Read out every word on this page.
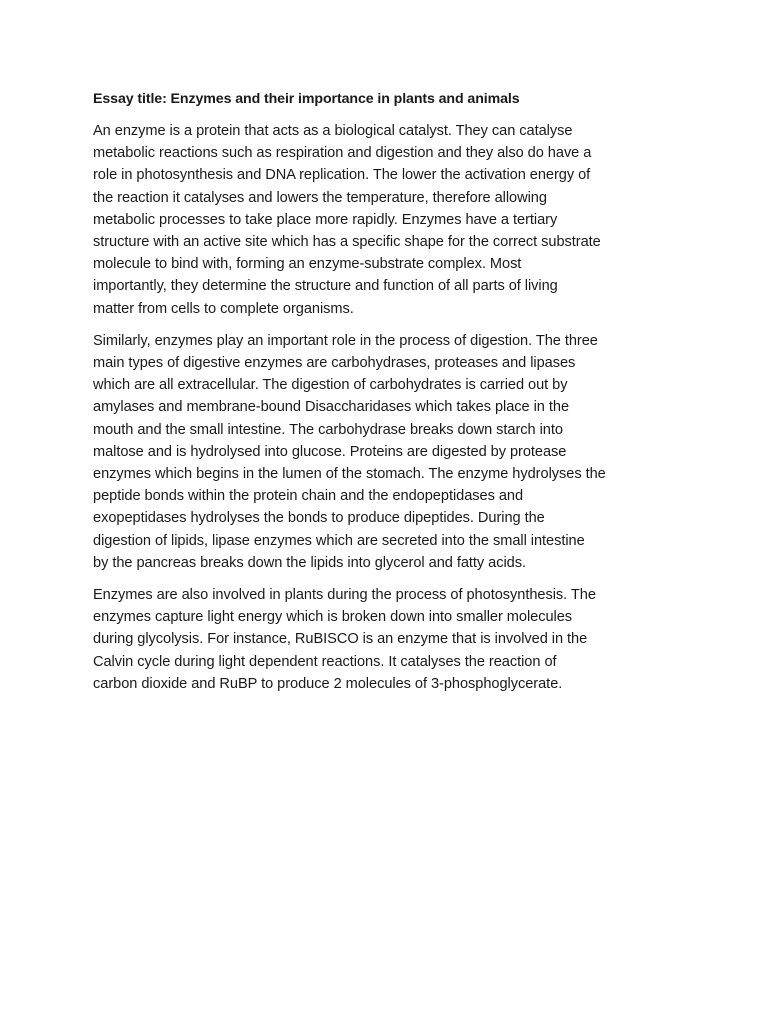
Essay title: Enzymes and their importance in plants and animals
An enzyme is a protein that acts as a biological catalyst. They can catalyse
metabolic reactions such as respiration and digestion and they also do have a
role in photosynthesis and DNA replication. The lower the activation energy of
the reaction it catalyses and lowers the temperature, therefore allowing
metabolic processes to take place more rapidly. Enzymes have a tertiary
structure with an active site which has a specific shape for the correct substrate
molecule to bind with, forming an enzyme-substrate complex. Most
importantly, they determine the structure and function of all parts of living
matter from cells to complete organisms.
Similarly, enzymes play an important role in the process of digestion. The three
main types of digestive enzymes are carbohydrases, proteases and lipases
which are all extracellular. The digestion of carbohydrates is carried out by
amylases and membrane-bound Disaccharidases which takes place in the
mouth and the small intestine. The carbohydrase breaks down starch into
maltose and is hydrolysed into glucose. Proteins are digested by protease
enzymes which begins in the lumen of the stomach. The enzyme hydrolyses the
peptide bonds within the protein chain and the endopeptidases and
exopeptidases hydrolyses the bonds to produce dipeptides. During the
digestion of lipids, lipase enzymes which are secreted into the small intestine
by the pancreas breaks down the lipids into glycerol and fatty acids.
Enzymes are also involved in plants during the process of photosynthesis. The
enzymes capture light energy which is broken down into smaller molecules
during glycolysis. For instance, RuBISCO is an enzyme that is involved in the
Calvin cycle during light dependent reactions. It catalyses the reaction of
carbon dioxide and RuBP to produce 2 molecules of 3-phosphoglycerate.
